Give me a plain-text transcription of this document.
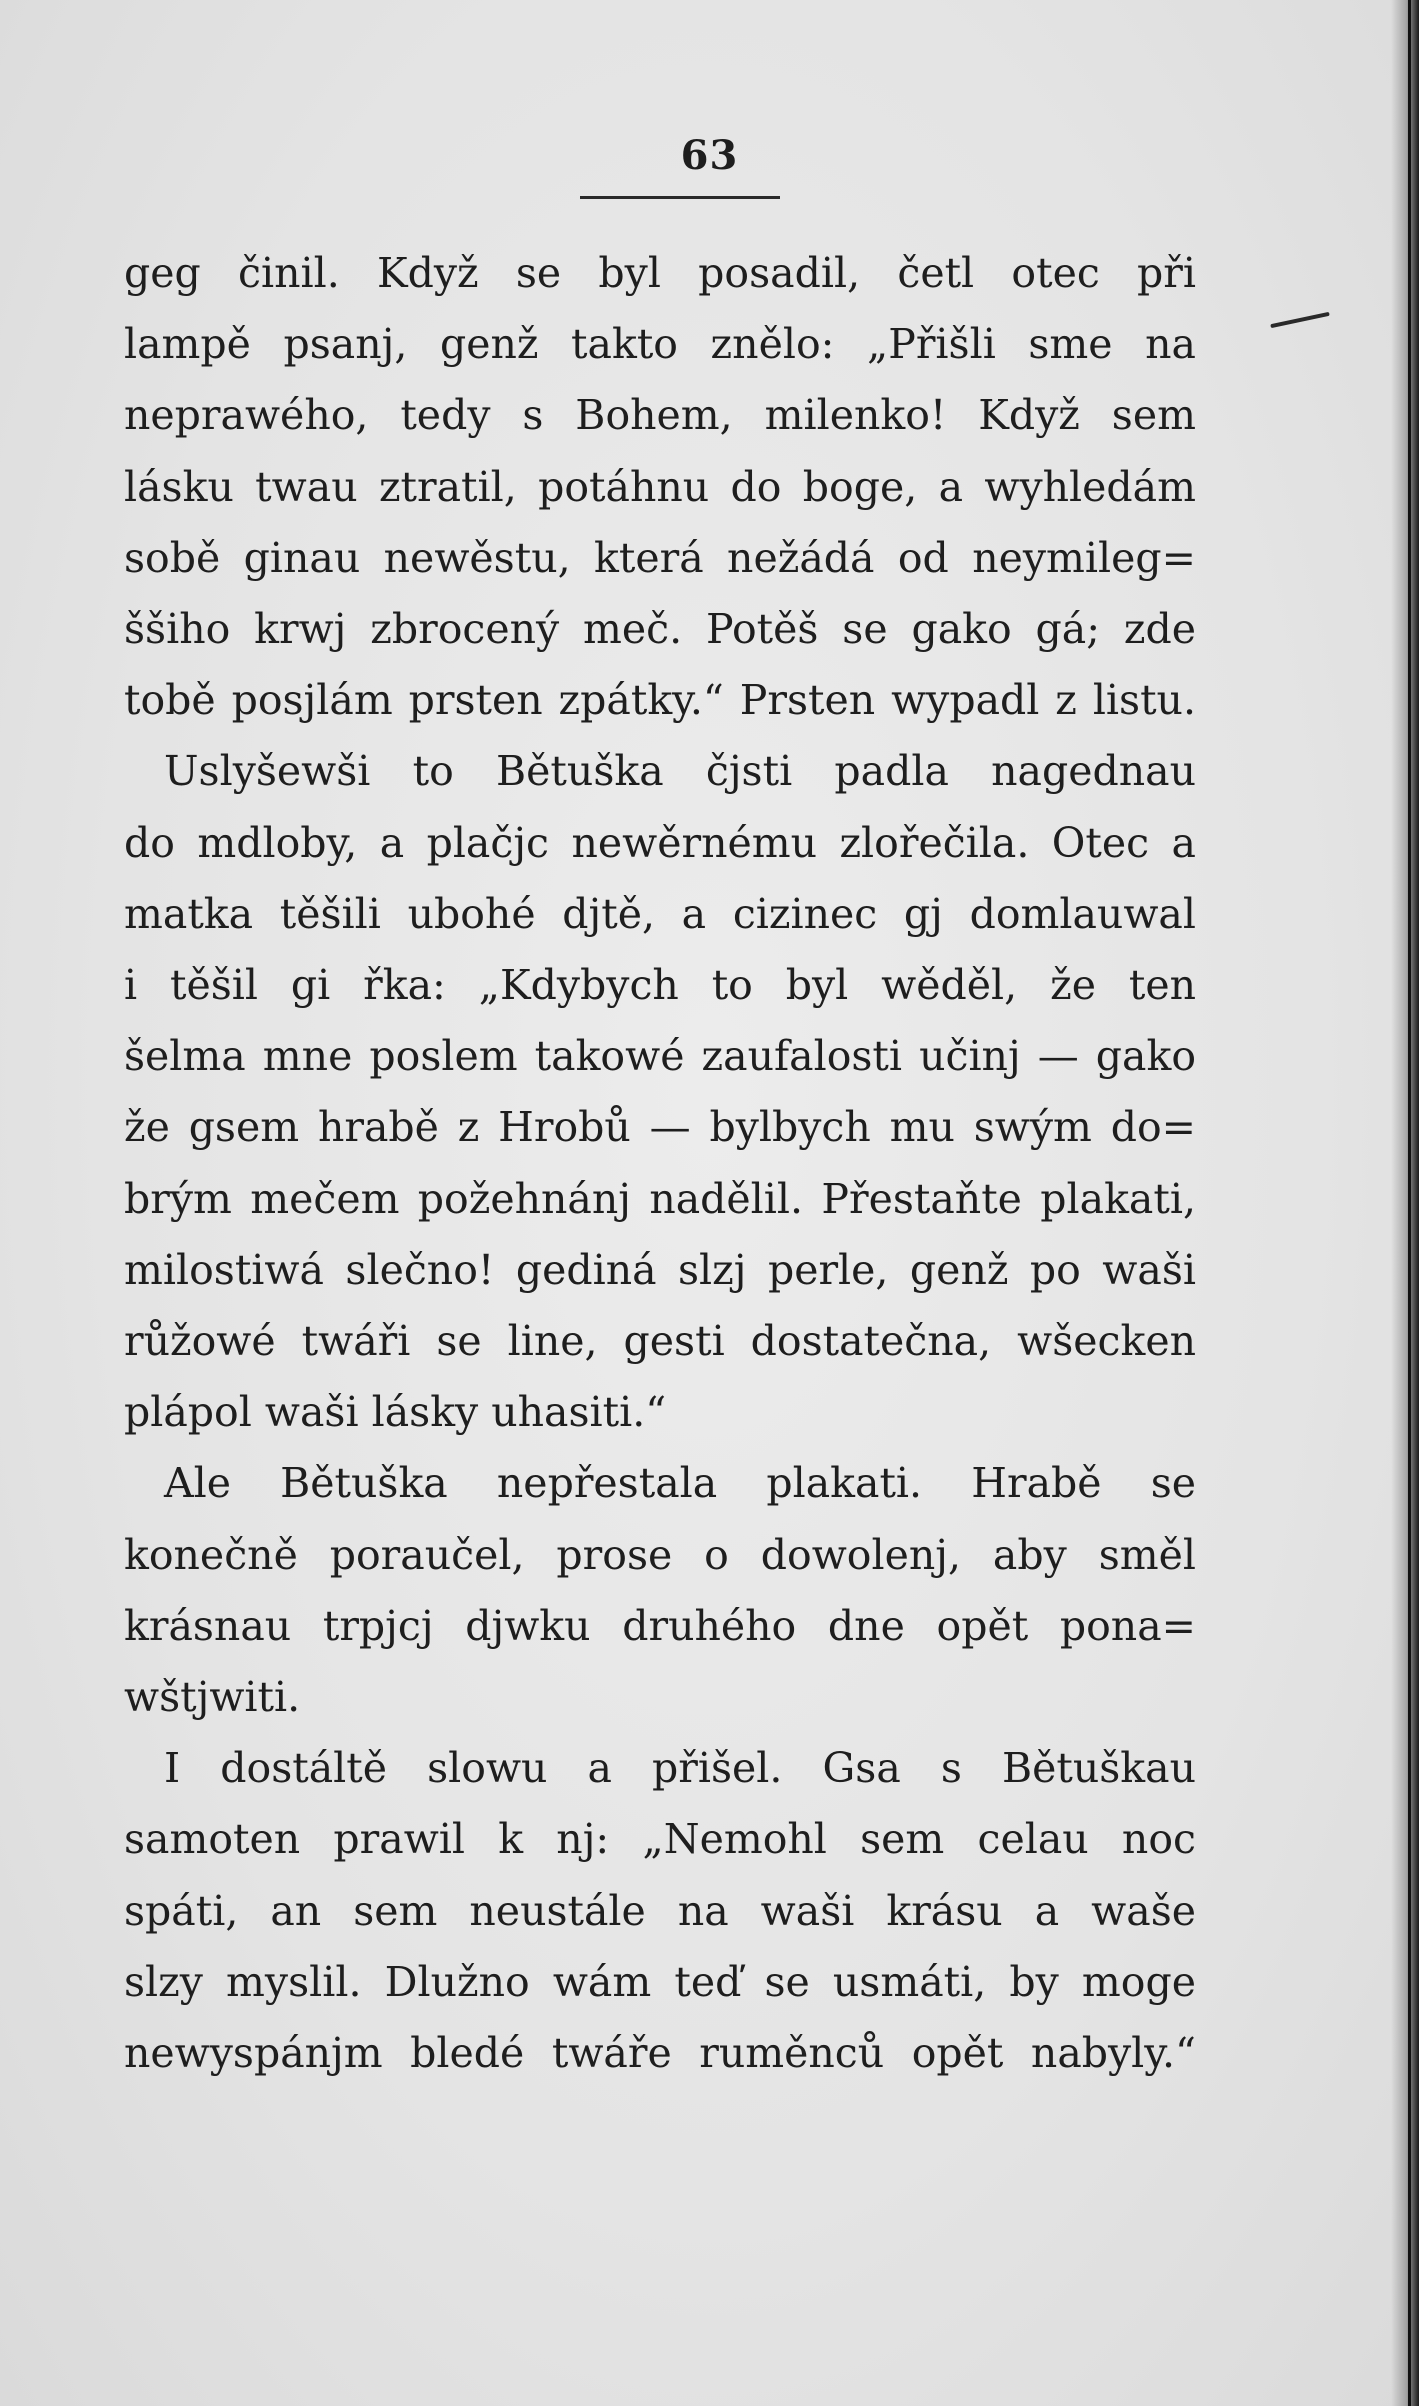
63
geg činil. Když se byl posadil, četl otec při
lampě psanj, genž takto znělo: „Přišli sme na
neprawého, tedy s Bohem, milenko! Když sem
lásku twau ztratil, potáhnu do boge, a wyhledám
sobě ginau newěstu, která nežádá od neymileg=
ššiho krwj zbrocený meč. Potěš se gako gá; zde
tobě posjlám prsten zpátky.“ Prsten wypadl z listu.
Uslyšewši to Bětuška čjsti padla nagednau
do mdloby, a plačjc newěrnému zlořečila. Otec a
matka těšili ubohé djtě, a cizinec gj domlauwal
i těšil gi řka: „Kdybych to byl wěděl, že ten
šelma mne poslem takowé zaufalosti učinj — gako
že gsem hrabě z Hrobů — bylbych mu swým do=
brým mečem požehnánj nadělil. Přestaňte plakati,
milostiwá slečno! gediná slzj perle, genž po waši
růžowé twáři se line, gesti dostatečna, wšecken
plápol waši lásky uhasiti.“
Ale Bětuška nepřestala plakati. Hrabě se
konečně poraučel, prose o dowolenj, aby směl
krásnau trpjcj djwku druhého dne opět pona=
wštjwiti.
I dostáltě slowu a přišel. Gsa s Bětuškau
samoten prawil k nj: „Nemohl sem celau noc
spáti, an sem neustále na waši krásu a waše
slzy myslil. Dlužno wám teď se usmáti, by moge
newyspánjm bledé twáře ruměnců opět nabyly.“
